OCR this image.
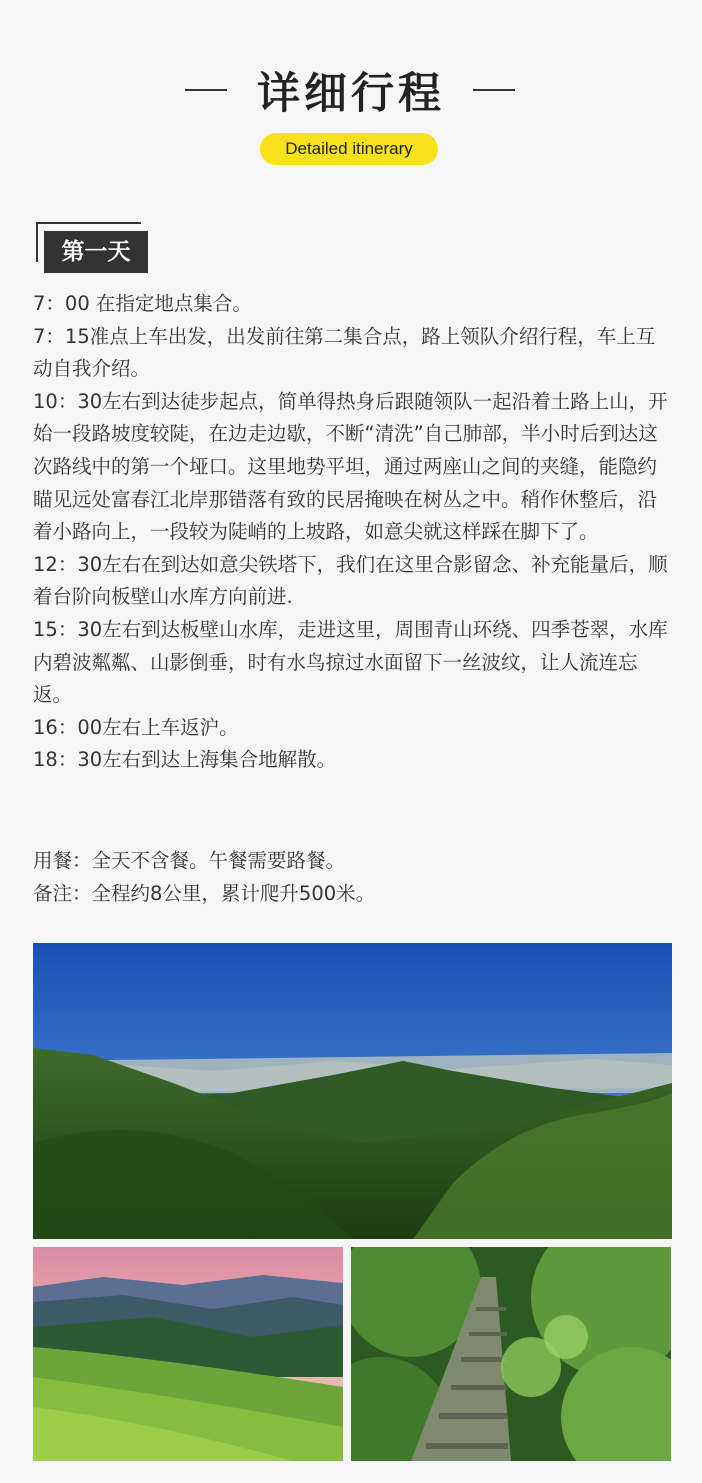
详细行程
Detailed itinerary
第一天

7：00 在指定地点集合。

7：15准点上车出发，出发前往第二集合点，路上领队介绍行程，车上互动自我介绍。

10：30左右到达徒步起点，简单得热身后跟随领队一起沿着土路上山，开始一段路坡度较陡，在边走边歇，不断“清洗”自己肺部，半小时后到达这次路线中的第一个垭口。这里地势平坦，通过两座山之间的夹缝，能隐约瞄见远处富春江北岸那错落有致的民居掩映在树丛之中。稍作休整后，沿着小路向上，一段较为陡峭的上坡路，如意尖就这样踩在脚下了。

12：30左右在到达如意尖铁塔下，我们在这里合影留念、补充能量后，顺着台阶向板壁山水库方向前进.

15：30左右到达板壁山水库，走进这里，周围青山环绕、四季苍翠，水库内碧波粼粼、山影倒垂，时有水鸟掠过水面留下一丝波纹，让人流连忘返。

16：00左右上车返沪。

18：30左右到达上海集合地解散。

用餐：全天不含餐。午餐需要路餐。

备注：全程约8公里，累计爬升500米。
